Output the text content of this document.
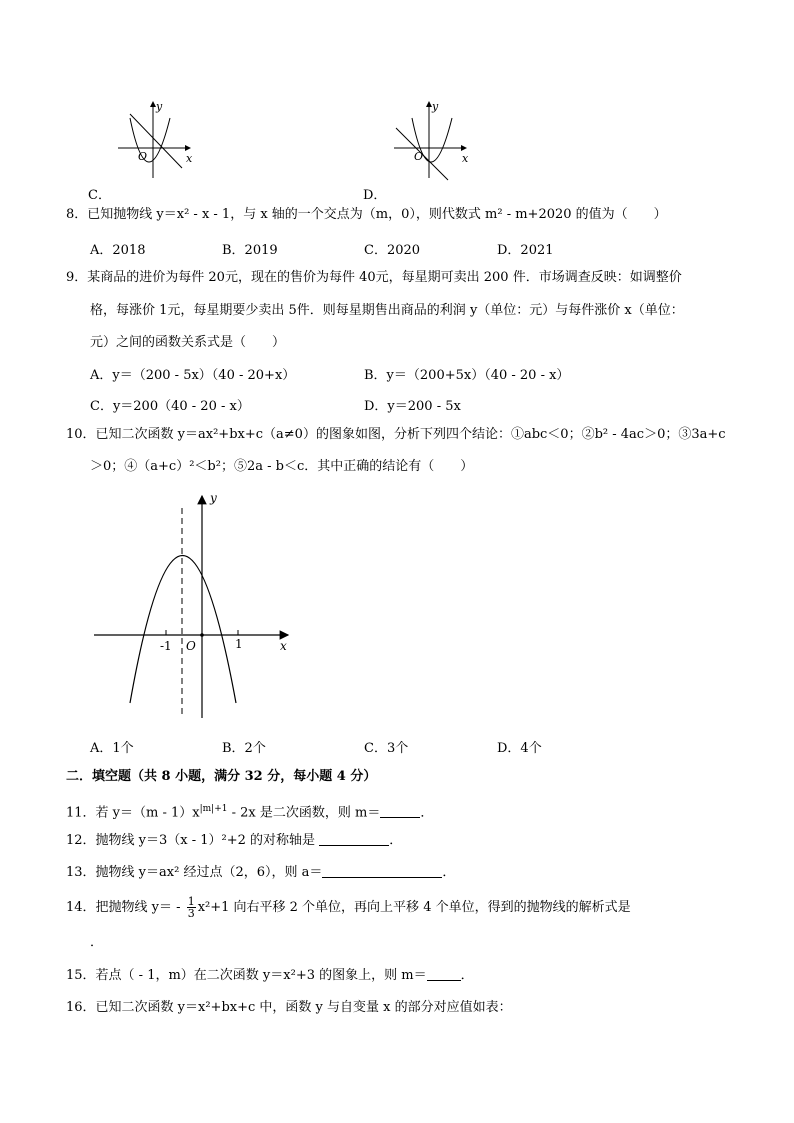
y
x
O
C．
y
x
O
D．
8．已知抛物线 y＝x² - x - 1，与 x 轴的一个交点为（m，0），则代数式 m² - m+2020 的值为（　　）
A．2018	B．2019	C．2020	D．2021
9．某商品的进价为每件 20元，现在的售价为每件 40元，每星期可卖出 200 件．市场调查反映：如调整价
格，每涨价 1元，每星期要少卖出 5件．则每星期售出商品的利润 y（单位：元）与每件涨价 x（单位：
元）之间的函数关系式是（　　）
A．y＝（200 - 5x）（40 - 20+x）	B．y＝（200+5x）（40 - 20 - x）
C．y＝200（40 - 20 - x）	D．y＝200 - 5x
10．已知二次函数 y＝ax²+bx+c（a≠0）的图象如图，分析下列四个结论：①abc＜0；②b² - 4ac＞0；③3a+c
＞0；④（a+c）²＜b²；⑤2a - b＜c．其中正确的结论有（　　）
y
x
O
-1	1
A．1个	B．2个	C．3个	D．4个
二．填空题（共 8 小题，满分 32 分，每小题 4 分）
11．若 $y=(m - 1)x^{|m|+1} - 2x$ 是二次函数，则 m＝	．
12．抛物线 y＝3（x - 1）²+2 的对称轴是	．
13．抛物线 y＝ax² 经过点（2，6），则 a＝	．
14．把抛物线 $y= - \frac{1}{3} x^2+1$ 向右平移 2 个单位，再向上平移 4 个单位，得到的抛物线的解析式是
．
15．若点（ - 1，m）在二次函数 y＝x²+3 的图象上，则 m＝	．
16．已知二次函数 y＝x²+bx+c 中，函数 y 与自变量 x 的部分对应值如表：
